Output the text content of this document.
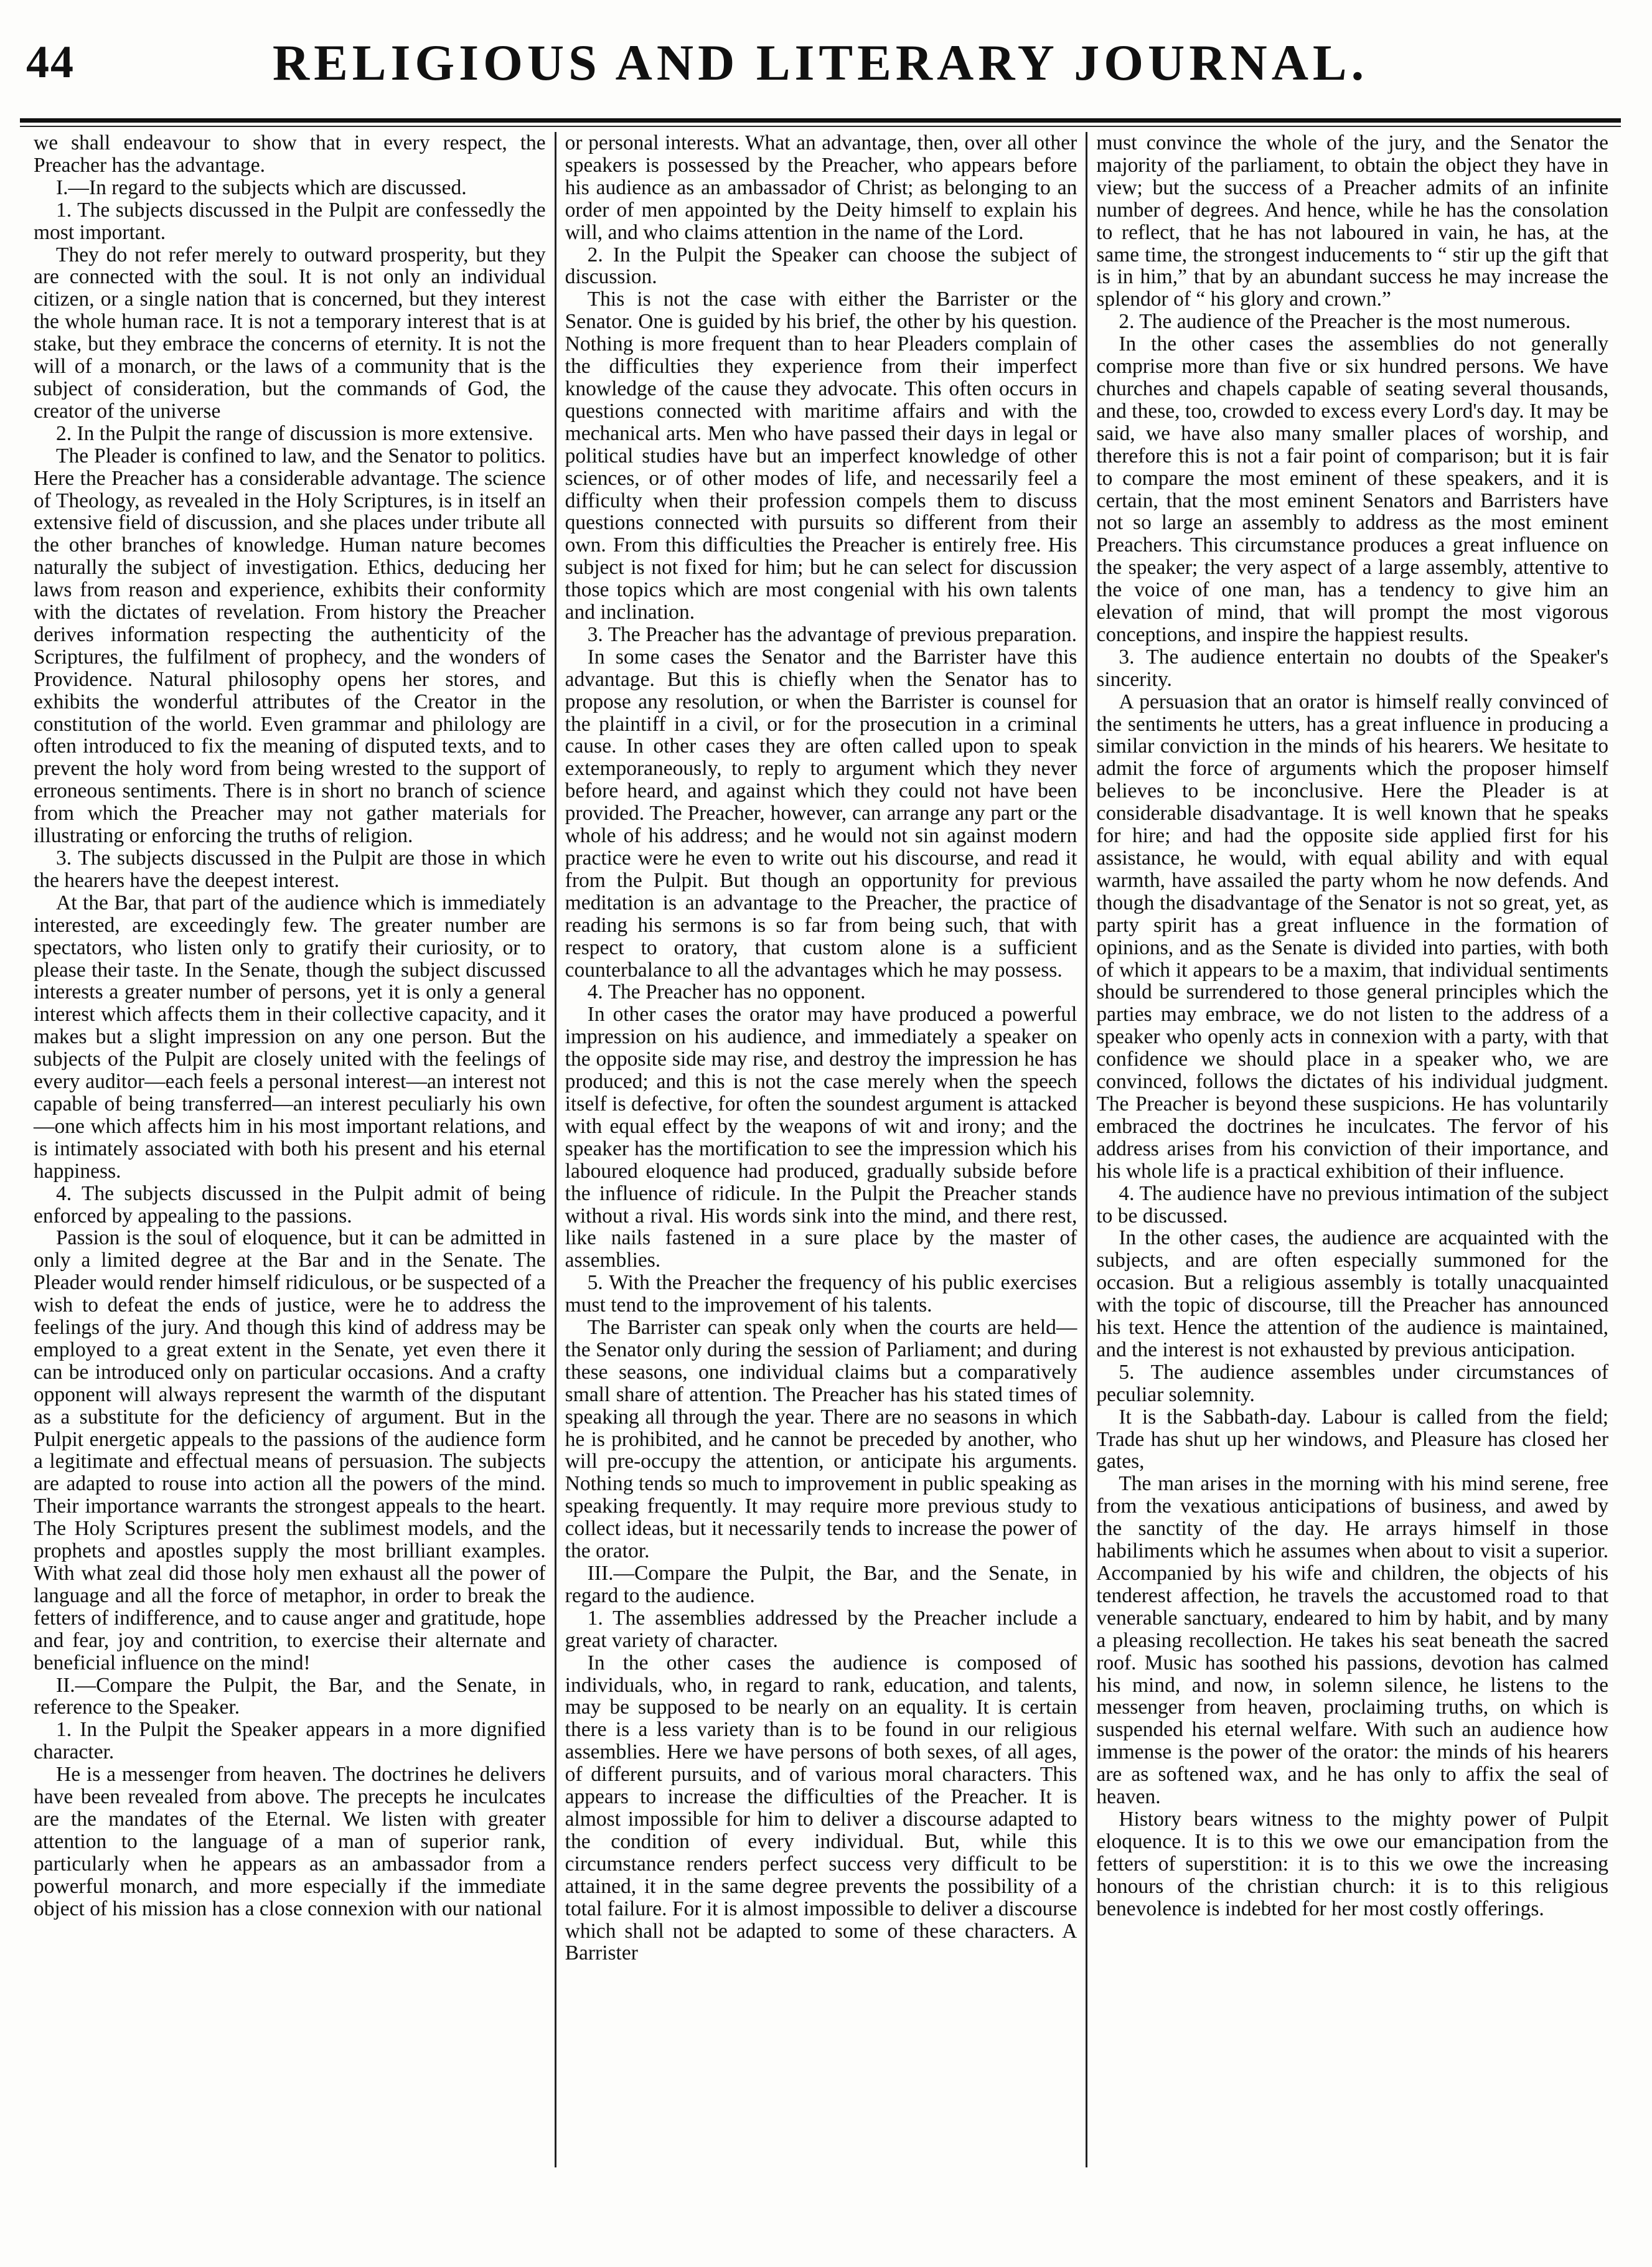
44	RELIGIOUS AND LITERARY JOURNAL.

we shall endeavour to show that in every respect, the Preacher has the advantage.

I.—In regard to the subjects which are discussed.

1. The subjects discussed in the Pulpit are confessedly the most important.

They do not refer merely to outward prosperity, but they are connected with the soul. It is not only an individual citizen, or a single nation that is concerned, but they interest the whole human race. It is not a temporary interest that is at stake, but they embrace the concerns of eternity. It is not the will of a monarch, or the laws of a community that is the subject of consideration, but the commands of God, the creator of the universe

2. In the Pulpit the range of discussion is more extensive.

The Pleader is confined to law, and the Senator to politics. Here the Preacher has a considerable advantage. The science of Theology, as revealed in the Holy Scriptures, is in itself an extensive field of discussion, and she places under tribute all the other branches of knowledge. Human nature becomes naturally the subject of investigation. Ethics, deducing her laws from reason and experience, exhibits their conformity with the dictates of revelation. From history the Preacher derives information respecting the authenticity of the Scriptures, the fulfilment of prophecy, and the wonders of Providence. Natural philosophy opens her stores, and exhibits the wonderful attributes of the Creator in the constitution of the world. Even grammar and philology are often introduced to fix the meaning of disputed texts, and to prevent the holy word from being wrested to the support of erroneous sentiments. There is in short no branch of science from which the Preacher may not gather materials for illustrating or enforcing the truths of religion.

3. The subjects discussed in the Pulpit are those in which the hearers have the deepest interest.

At the Bar, that part of the audience which is immediately interested, are exceedingly few. The greater number are spectators, who listen only to gratify their curiosity, or to please their taste. In the Senate, though the subject discussed interests a greater number of persons, yet it is only a general interest which affects them in their collective capacity, and it makes but a slight impression on any one person. But the subjects of the Pulpit are closely united with the feelings of every auditor—each feels a personal interest—an interest not capable of being transferred—an interest peculiarly his own—one which affects him in his most important relations, and is intimately associated with both his present and his eternal happiness.

4. The subjects discussed in the Pulpit admit of being enforced by appealing to the passions.

Passion is the soul of eloquence, but it can be admitted in only a limited degree at the Bar and in the Senate. The Pleader would render himself ridiculous, or be suspected of a wish to defeat the ends of justice, were he to address the feelings of the jury. And though this kind of address may be employed to a great extent in the Senate, yet even there it can be introduced only on particular occasions. And a crafty opponent will always represent the warmth of the disputant as a substitute for the deficiency of argument. But in the Pulpit energetic appeals to the passions of the audience form a legitimate and effectual means of persuasion. The subjects are adapted to rouse into action all the powers of the mind. Their importance warrants the strongest appeals to the heart. The Holy Scriptures present the sublimest models, and the prophets and apostles supply the most brilliant examples. With what zeal did those holy men exhaust all the power of language and all the force of metaphor, in order to break the fetters of indifference, and to cause anger and gratitude, hope and fear, joy and contrition, to exercise their alternate and beneficial influence on the mind!

II.—Compare the Pulpit, the Bar, and the Senate, in reference to the Speaker.

1. In the Pulpit the Speaker appears in a more dignified character.

He is a messenger from heaven. The doctrines he delivers have been revealed from above. The precepts he inculcates are the mandates of the Eternal. We listen with greater attention to the language of a man of superior rank, particularly when he appears as an ambassador from a powerful monarch, and more especially if the immediate object of his mission has a close connexion with our national

or personal interests. What an advantage, then, over all other speakers is possessed by the Preacher, who appears before his audience as an ambassador of Christ; as belonging to an order of men appointed by the Deity himself to explain his will, and who claims attention in the name of the Lord.

2. In the Pulpit the Speaker can choose the subject of discussion.

This is not the case with either the Barrister or the Senator. One is guided by his brief, the other by his question. Nothing is more frequent than to hear Pleaders complain of the difficulties they experience from their imperfect knowledge of the cause they advocate. This often occurs in questions connected with maritime affairs and with the mechanical arts. Men who have passed their days in legal or political studies have but an imperfect knowledge of other sciences, or of other modes of life, and necessarily feel a difficulty when their profession compels them to discuss questions connected with pursuits so different from their own. From this difficulties the Preacher is entirely free. His subject is not fixed for him; but he can select for discussion those topics which are most congenial with his own talents and inclination.

3. The Preacher has the advantage of previous preparation.

In some cases the Senator and the Barrister have this advantage. But this is chiefly when the Senator has to propose any resolution, or when the Barrister is counsel for the plaintiff in a civil, or for the prosecution in a criminal cause. In other cases they are often called upon to speak extemporaneously, to reply to argument which they never before heard, and against which they could not have been provided. The Preacher, however, can arrange any part or the whole of his address; and he would not sin against modern practice were he even to write out his discourse, and read it from the Pulpit. But though an opportunity for previous meditation is an advantage to the Preacher, the practice of reading his sermons is so far from being such, that with respect to oratory, that custom alone is a sufficient counterbalance to all the advantages which he may possess.

4. The Preacher has no opponent.

In other cases the orator may have produced a powerful impression on his audience, and immediately a speaker on the opposite side may rise, and destroy the impression he has produced; and this is not the case merely when the speech itself is defective, for often the soundest argument is attacked with equal effect by the weapons of wit and irony; and the speaker has the mortification to see the impression which his laboured eloquence had produced, gradually subside before the influence of ridicule. In the Pulpit the Preacher stands without a rival. His words sink into the mind, and there rest, like nails fastened in a sure place by the master of assemblies.

5. With the Preacher the frequency of his public exercises must tend to the improvement of his talents.

The Barrister can speak only when the courts are held—the Senator only during the session of Parliament; and during these seasons, one individual claims but a comparatively small share of attention. The Preacher has his stated times of speaking all through the year. There are no seasons in which he is prohibited, and he cannot be preceded by another, who will pre-occupy the attention, or anticipate his arguments. Nothing tends so much to improvement in public speaking as speaking frequently. It may require more previous study to collect ideas, but it necessarily tends to increase the power of the orator.

III.—Compare the Pulpit, the Bar, and the Senate, in regard to the audience.

1. The assemblies addressed by the Preacher include a great variety of character.

In the other cases the audience is composed of individuals, who, in regard to rank, education, and talents, may be supposed to be nearly on an equality. It is certain there is a less variety than is to be found in our religious assemblies. Here we have persons of both sexes, of all ages, of different pursuits, and of various moral characters. This appears to increase the difficulties of the Preacher. It is almost impossible for him to deliver a discourse adapted to the condition of every individual. But, while this circumstance renders perfect success very difficult to be attained, it in the same degree prevents the possibility of a total failure. For it is almost impossible to deliver a discourse which shall not be adapted to some of these characters. A Barrister

must convince the whole of the jury, and the Senator the majority of the parliament, to obtain the object they have in view; but the success of a Preacher admits of an infinite number of degrees. And hence, while he has the consolation to reflect, that he has not laboured in vain, he has, at the same time, the strongest inducements to “ stir up the gift that is in him,” that by an abundant success he may increase the splendor of “ his glory and crown.”

2. The audience of the Preacher is the most numerous.

In the other cases the assemblies do not generally comprise more than five or six hundred persons. We have churches and chapels capable of seating several thousands, and these, too, crowded to excess every Lord's day. It may be said, we have also many smaller places of worship, and therefore this is not a fair point of comparison; but it is fair to compare the most eminent of these speakers, and it is certain, that the most eminent Senators and Barristers have not so large an assembly to address as the most eminent Preachers. This circumstance produces a great influence on the speaker; the very aspect of a large assembly, attentive to the voice of one man, has a tendency to give him an elevation of mind, that will prompt the most vigorous conceptions, and inspire the happiest results.

3. The audience entertain no doubts of the Speaker's sincerity.

A persuasion that an orator is himself really convinced of the sentiments he utters, has a great influence in producing a similar conviction in the minds of his hearers. We hesitate to admit the force of arguments which the proposer himself believes to be inconclusive. Here the Pleader is at considerable disadvantage. It is well known that he speaks for hire; and had the opposite side applied first for his assistance, he would, with equal ability and with equal warmth, have assailed the party whom he now defends. And though the disadvantage of the Senator is not so great, yet, as party spirit has a great influence in the formation of opinions, and as the Senate is divided into parties, with both of which it appears to be a maxim, that individual sentiments should be surrendered to those general principles which the parties may embrace, we do not listen to the address of a speaker who openly acts in connexion with a party, with that confidence we should place in a speaker who, we are convinced, follows the dictates of his individual judgment. The Preacher is beyond these suspicions. He has voluntarily embraced the doctrines he inculcates. The fervor of his address arises from his conviction of their importance, and his whole life is a practical exhibition of their influence.

4. The audience have no previous intimation of the subject to be discussed.

In the other cases, the audience are acquainted with the subjects, and are often especially summoned for the occasion. But a religious assembly is totally unacquainted with the topic of discourse, till the Preacher has announced his text. Hence the attention of the audience is maintained, and the interest is not exhausted by previous anticipation.

5. The audience assembles under circumstances of peculiar solemnity.

It is the Sabbath-day. Labour is called from the field; Trade has shut up her windows, and Pleasure has closed her gates,

The man arises in the morning with his mind serene, free from the vexatious anticipations of business, and awed by the sanctity of the day. He arrays himself in those habiliments which he assumes when about to visit a superior. Accompanied by his wife and children, the objects of his tenderest affection, he travels the accustomed road to that venerable sanctuary, endeared to him by habit, and by many a pleasing recollection. He takes his seat beneath the sacred roof. Music has soothed his passions, devotion has calmed his mind, and now, in solemn silence, he listens to the messenger from heaven, proclaiming truths, on which is suspended his eternal welfare. With such an audience how immense is the power of the orator: the minds of his hearers are as softened wax, and he has only to affix the seal of heaven.

History bears witness to the mighty power of Pulpit eloquence. It is to this we owe our emancipation from the fetters of superstition: it is to this we owe the increasing honours of the christian church: it is to this religious benevolence is indebted for her most costly offerings.
